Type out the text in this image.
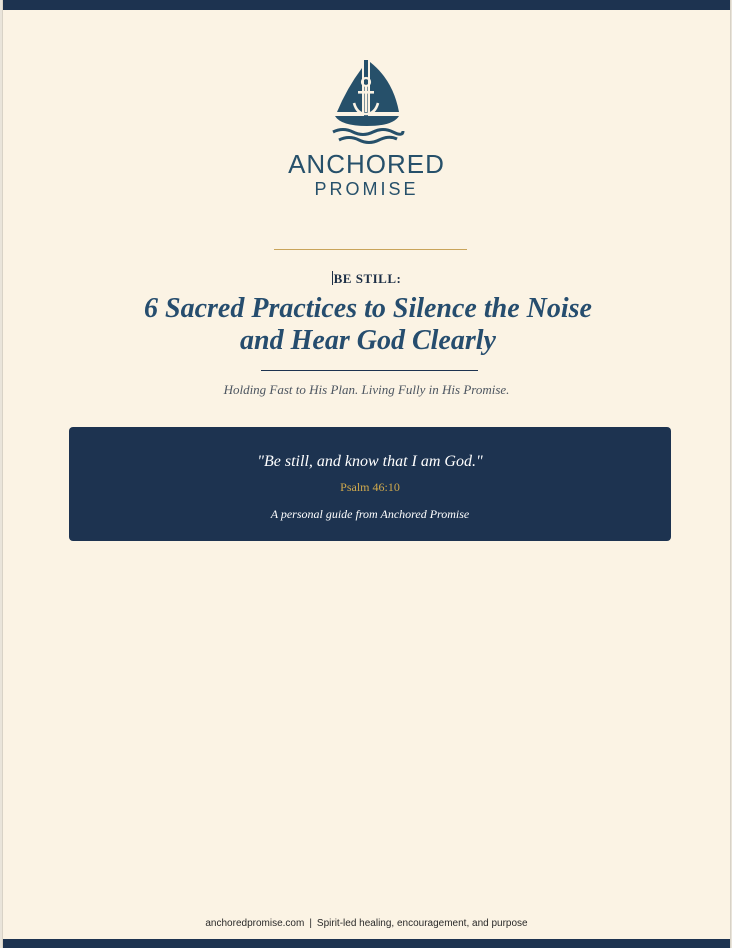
ANCHORED
PROMISE
BE STILL:
6 Sacred Practices to Silence the Noise
and Hear God Clearly
Holding Fast to His Plan. Living Fully in His Promise.
"Be still, and know that I am God."
Psalm 46:10
A personal guide from Anchored Promise
anchoredpromise.com | Spirit-led healing, encouragement, and purpose
